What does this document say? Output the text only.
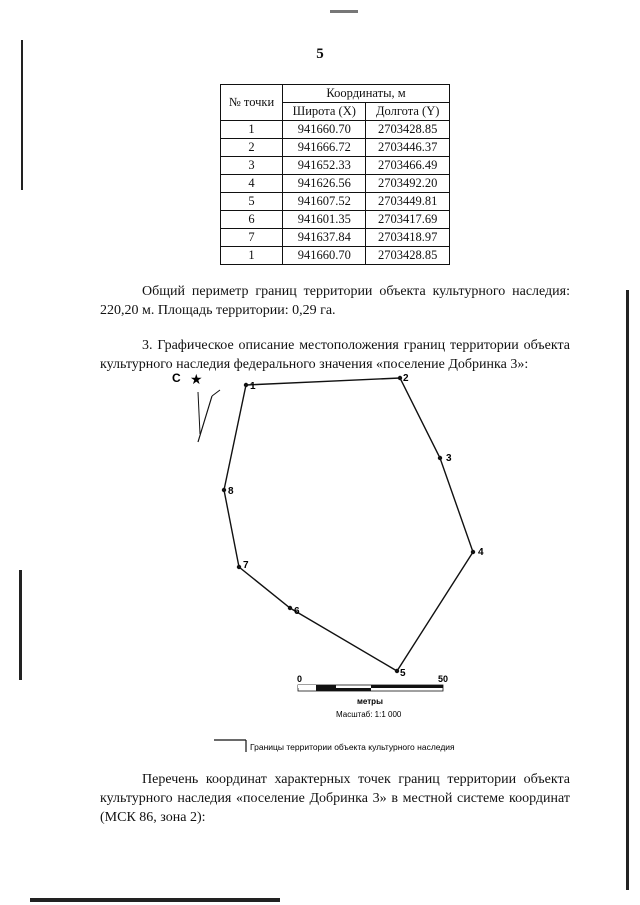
5
№ точки	Координаты, м	
	Широта (X)	Долгота (Y)
1	941660.70	2703428.85
2	941666.72	2703446.37
3	941652.33	2703466.49
4	941626.56	2703492.20
5	941607.52	2703449.81
6	941601.35	2703417.69
7	941637.84	2703418.97
1	941660.70	2703428.85
Общий периметр границ территории объекта культурного наследия: 220,20 м. Площадь территории: 0,29 га.
3. Графическое описание местоположения границ территории объекта культурного наследия федерального значения «поселение Добринка 3»:
С ★	1
2
3
4
5
6
7
8
0	50
метры
Масштаб: 1:1 000
Границы территории объекта культурного наследия
Перечень координат характерных точек границ территории объекта культурного наследия «поселение Добринка 3» в местной системе координат (МСК 86, зона 2):
